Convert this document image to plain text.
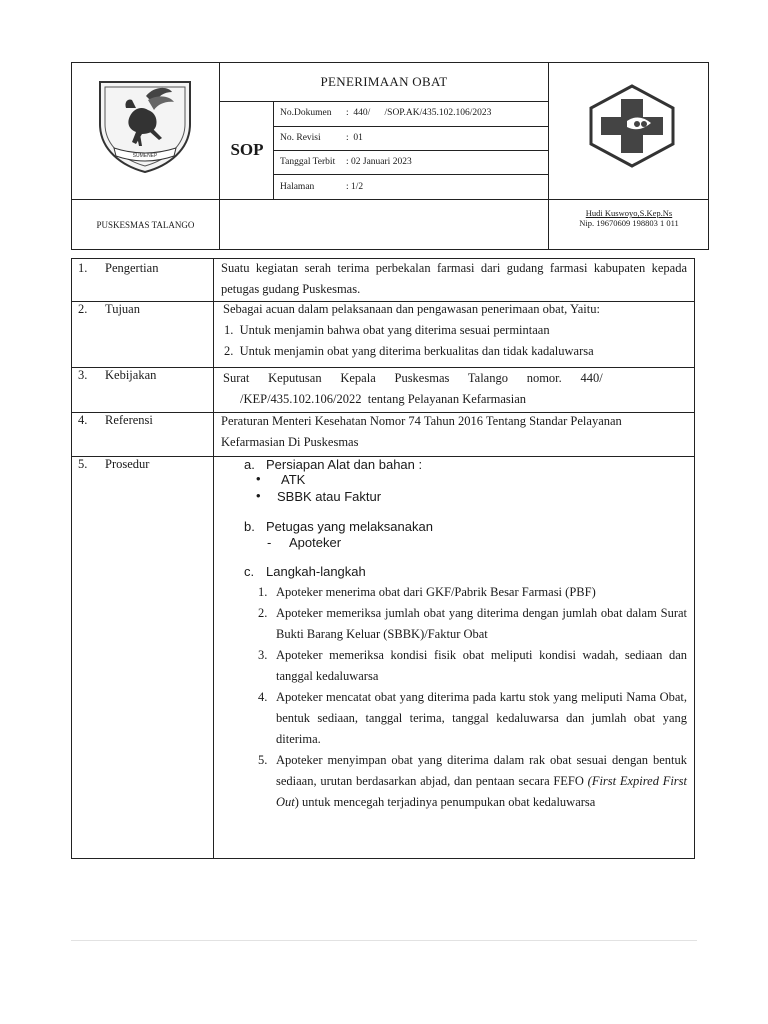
SUMENEP	SOP
PENERIMAAN OBAT
No.Dokumen :  440/      /SOP.AK/435.102.106/2023
No. Revisi	:  01
Tanggal Terbit : 02 Januari 2023
Halaman	: 1/2
PUSKESMAS TALANGO
Hudi Kuswoyo,S.Kep.Ns
Nip. 19670609 198803 1 011
1. Pengertian	Suatu kegiatan serah terima perbekalan farmasi dari gudang farmasi kabupaten kepada petugas gudang Puskesmas.
2. Tujuan	Sebagai acuan dalam pelaksanaan dan pengawasan penerimaan obat, Yaitu:
1.  Untuk menjamin bahwa obat yang diterima sesuai permintaan
2.  Untuk menjamin obat yang diterima berkualitas dan tidak kadaluwarsa
3. Kebijakan	Surat      Keputusan      Kepala      Puskesmas      Talango      nomor.      440/
/KEP/435.102.106/2022  tentang Pelayanan Kefarmasian
4. Referensi	Peraturan Menteri Kesehatan Nomor 74 Tahun 2016 Tentang Standar Pelayanan Kefarmasian Di Puskesmas
5. Prosedur	a. Persiapan Alat dan bahan :
• ATK
• SBBK atau Faktur
b. Petugas yang melaksanakan
- Apoteker
c. Langkah-langkah
1. Apoteker menerima obat dari GKF/Pabrik Besar Farmasi (PBF)
2. Apoteker memeriksa jumlah obat yang diterima dengan jumlah obat dalam Surat Bukti Barang Keluar (SBBK)/Faktur Obat
3. Apoteker memeriksa kondisi fisik obat meliputi kondisi wadah, sediaan dan tanggal kedaluwarsa
4. Apoteker mencatat obat yang diterima pada kartu stok yang meliputi Nama Obat, bentuk sediaan, tanggal terima, tanggal kedaluwarsa dan jumlah obat yang diterima.
5. Apoteker menyimpan obat yang diterima dalam rak obat sesuai dengan bentuk sediaan, urutan berdasarkan abjad, dan pentaan secara FEFO (First Expired First Out) untuk mencegah terjadinya penumpukan obat kedaluwarsa
